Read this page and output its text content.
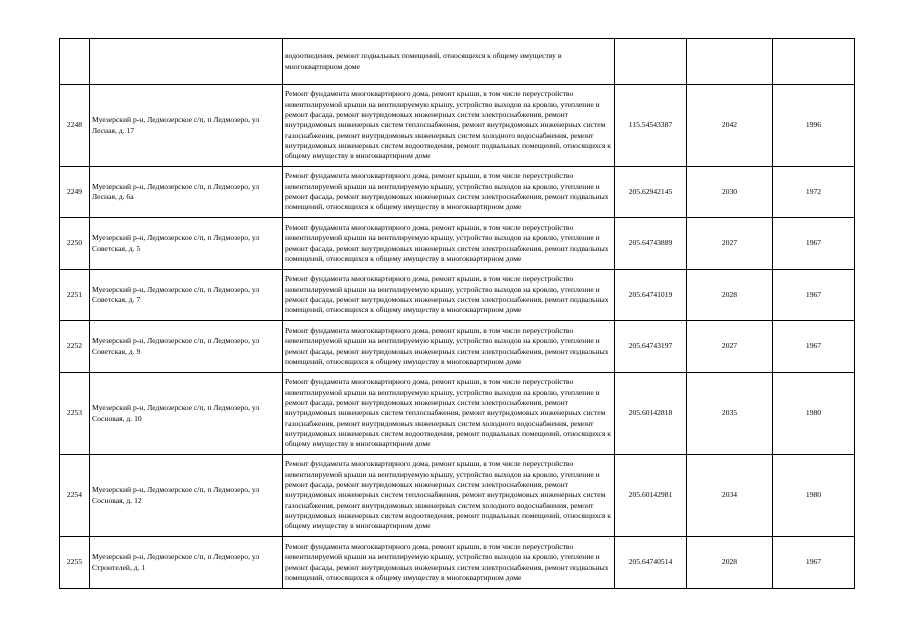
		водоотведения, ремонт подвальных помещений, относящихся к общему имуществу в многоквартирном доме			
2248	Муезерский р-н, Ледмозерское с/п, п Ледмозеро, ул Лесная, д. 17	Ремонт фундамента многоквартирного дома, ремонт крыши, в том числе переустройство невентилируемой крыши на вентилируемую крышу, устройство выходов на кровлю, утепление и ремонт фасада, ремонт внутридомовых инженерных систем электроснабжения, ремонт внутридомовых инженерных систем теплоснабжения, ремонт внутридомовых инженерных систем газоснабжения, ремонт внутридомовых инженерных систем холодного водоснабжения, ремонт внутридомовых инженерных систем водоотведения, ремонт подвальных помещений, относящихся к общему имуществу в многоквартирном доме	115.54543387	2042	1996
2249	Муезерский р-н, Ледмозерское с/п, п Ледмозеро, ул Лесная, д. 6а	Ремонт фундамента многоквартирного дома, ремонт крыши, в том числе переустройство невентилируемой крыши на вентилируемую крышу, устройство выходов на кровлю, утепление и ремонт фасада, ремонт внутридомовых инженерных систем электроснабжения, ремонт подвальных помещений, относящихся к общему имуществу в многоквартирном доме	205.62942145	2030	1972
2250	Муезерский р-н, Ледмозерское с/п, п Ледмозеро, ул Советская, д. 5	Ремонт фундамента многоквартирного дома, ремонт крыши, в том числе переустройство невентилируемой крыши на вентилируемую крышу, устройство выходов на кровлю, утепление и ремонт фасада, ремонт внутридомовых инженерных систем электроснабжения, ремонт подвальных помещений, относящихся к общему имуществу в многоквартирном доме	205.64743889	2027	1967
2251	Муезерский р-н, Ледмозерское с/п, п Ледмозеро, ул Советская, д. 7	Ремонт фундамента многоквартирного дома, ремонт крыши, в том числе переустройство невентилируемой крыши на вентилируемую крышу, устройство выходов на кровлю, утепление и ремонт фасада, ремонт внутридомовых инженерных систем электроснабжения, ремонт подвальных помещений, относящихся к общему имуществу в многоквартирном доме	205.64741019	2028	1967
2252	Муезерский р-н, Ледмозерское с/п, п Ледмозеро, ул Советская, д. 9	Ремонт фундамента многоквартирного дома, ремонт крыши, в том числе переустройство невентилируемой крыши на вентилируемую крышу, устройство выходов на кровлю, утепление и ремонт фасада, ремонт внутридомовых инженерных систем электроснабжения, ремонт подвальных помещений, относящихся к общему имуществу в многоквартирном доме	205.64743197	2027	1967
2253	Муезерский р-н, Ледмозерское с/п, п Ледмозеро, ул Сосновая, д. 10	Ремонт фундамента многоквартирного дома, ремонт крыши, в том числе переустройство невентилируемой крыши на вентилируемую крышу, устройство выходов на кровлю, утепление и ремонт фасада, ремонт внутридомовых инженерных систем электроснабжения, ремонт внутридомовых инженерных систем теплоснабжения, ремонт внутридомовых инженерных систем газоснабжения, ремонт внутридомовых инженерных систем холодного водоснабжения, ремонт внутридомовых инженерных систем водоотведения, ремонт подвальных помещений, относящихся к общему имуществу в многоквартирном доме	205.60142818	2035	1980
2254	Муезерский р-н, Ледмозерское с/п, п Ледмозеро, ул Сосновая, д. 12	Ремонт фундамента многоквартирного дома, ремонт крыши, в том числе переустройство невентилируемой крыши на вентилируемую крышу, устройство выходов на кровлю, утепление и ремонт фасада, ремонт внутридомовых инженерных систем электроснабжения, ремонт внутридомовых инженерных систем теплоснабжения, ремонт внутридомовых инженерных систем газоснабжения, ремонт внутридомовых инженерных систем холодного водоснабжения, ремонт внутридомовых инженерных систем водоотведения, ремонт подвальных помещений, относящихся к общему имуществу в многоквартирном доме	205.60142981	2034	1980
2255	Муезерский р-н, Ледмозерское с/п, п Ледмозеро, ул Строителей, д. 1	Ремонт фундамента многоквартирного дома, ремонт крыши, в том числе переустройство невентилируемой крыши на вентилируемую крышу, устройство выходов на кровлю, утепление и ремонт фасада, ремонт внутридомовых инженерных систем электроснабжения, ремонт подвальных помещений, относящихся к общему имуществу в многоквартирном доме	205.64740514	2028	1967
